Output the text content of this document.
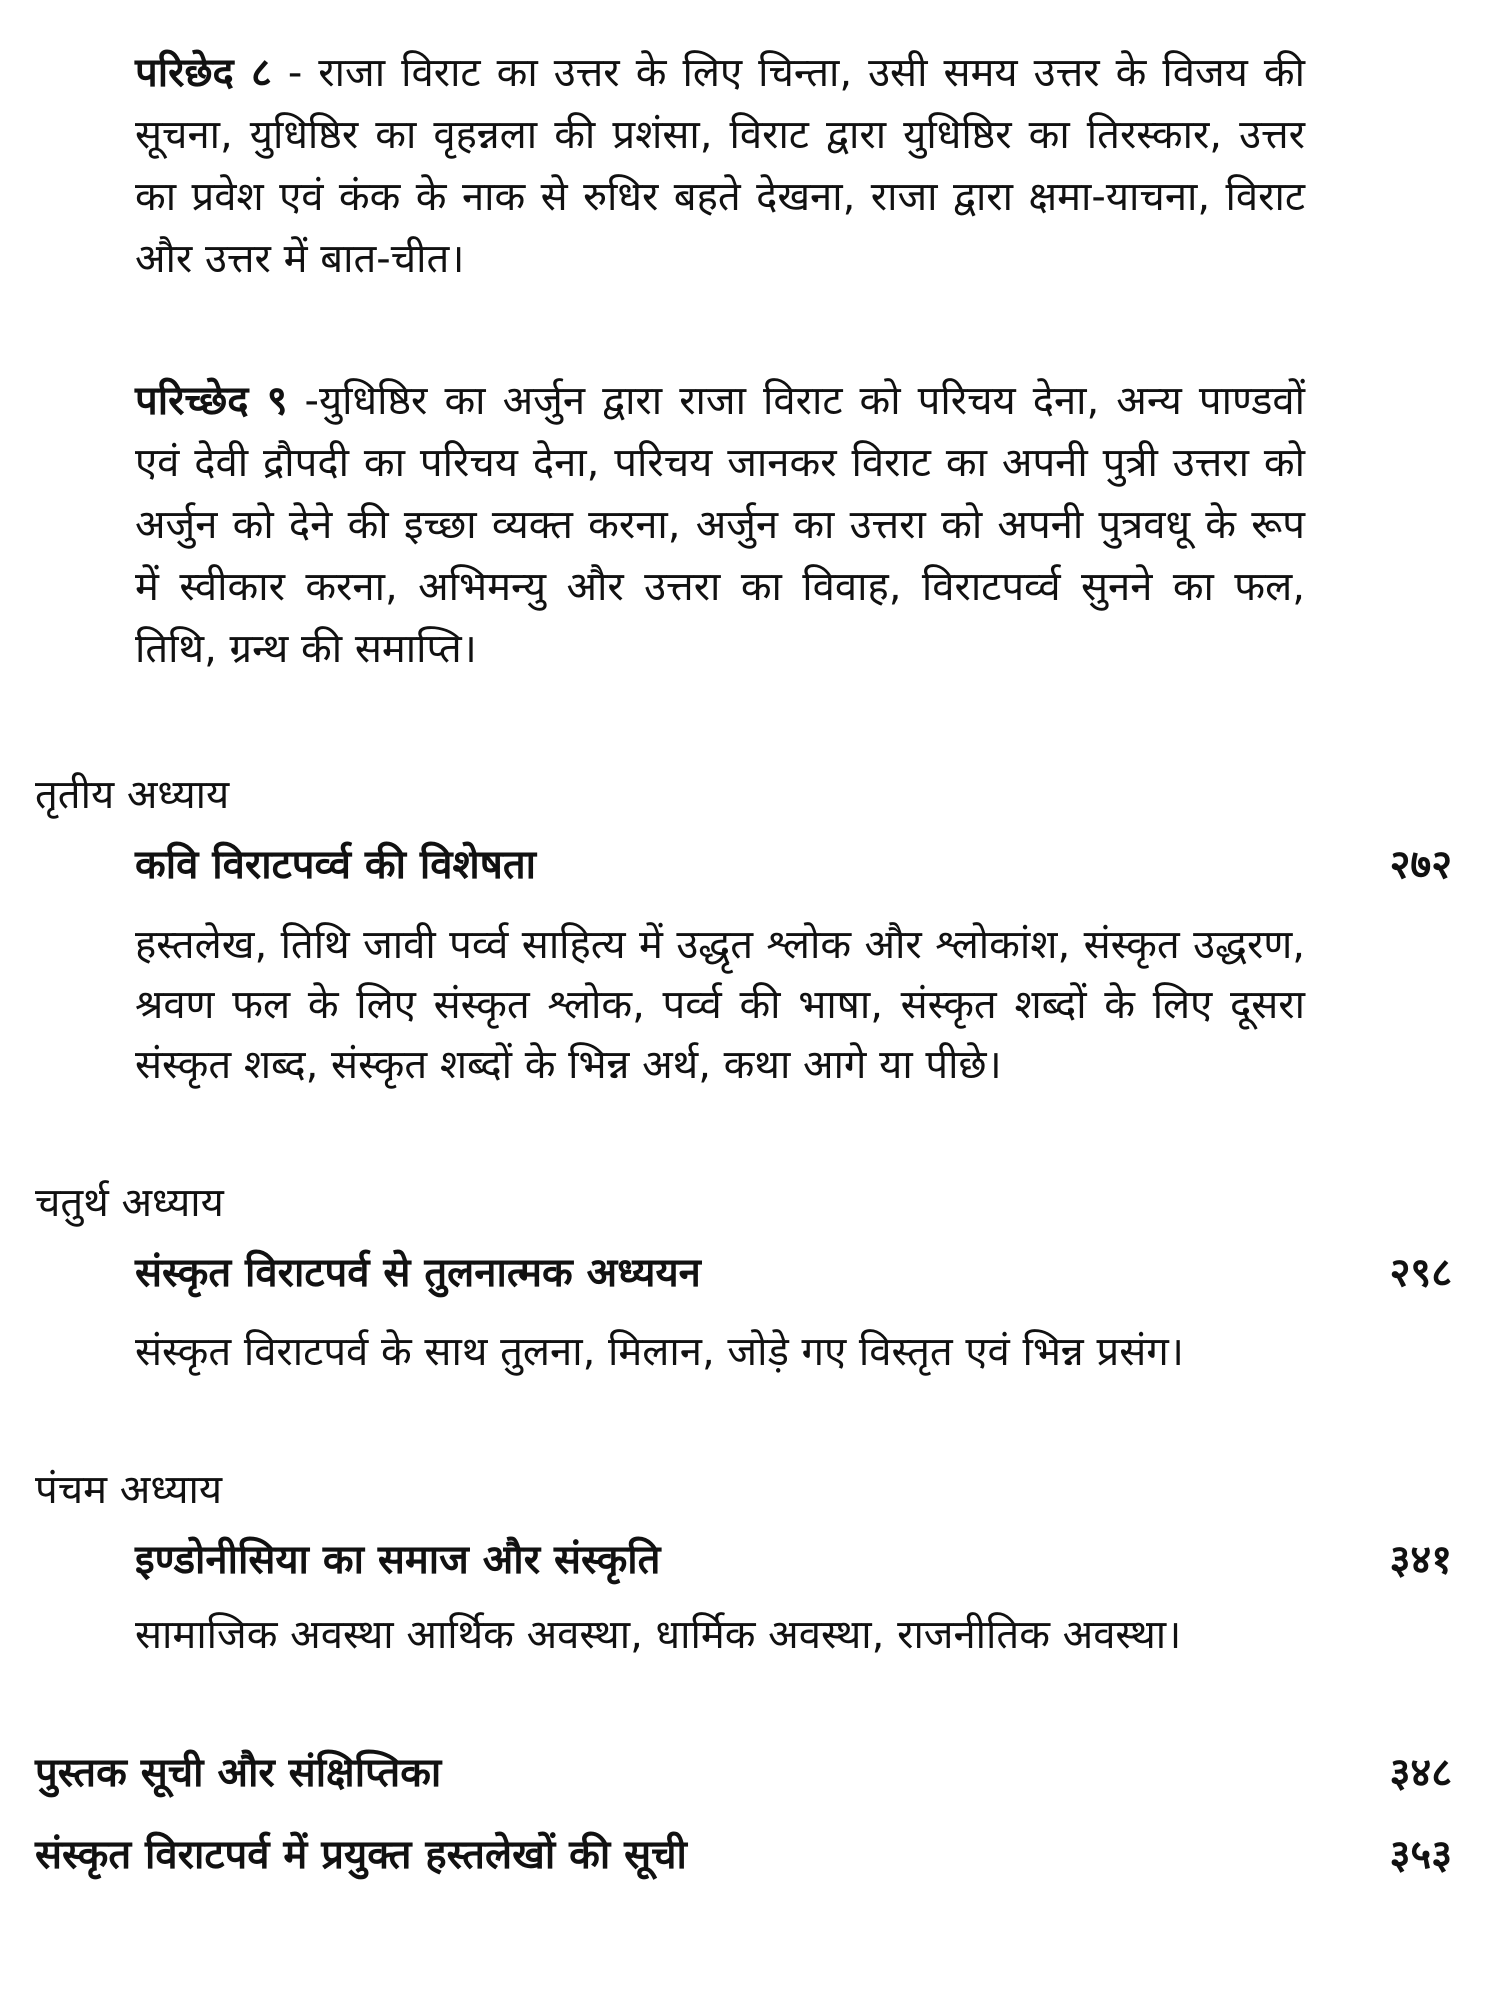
परिछेद ८ - राजा विराट का उत्तर के लिए चिन्ता, उसी समय उत्तर के विजय की सूचना, युधिष्ठिर का वृहन्नला की प्रशंसा, विराट द्वारा युधिष्ठिर का तिरस्कार, उत्तर का प्रवेश एवं कंक के नाक से रुधिर बहते देखना, राजा द्वारा क्षमा-याचना, विराट और उत्तर में बात-चीत।

परिच्छेद ९ -युधिष्ठिर का अर्जुन द्वारा राजा विराट को परिचय देना, अन्य पाण्डवों एवं देवी द्रौपदी का परिचय देना, परिचय जानकर विराट का अपनी पुत्री उत्तरा को अर्जुन को देने की इच्छा व्यक्त करना, अर्जुन का उत्तरा को अपनी पुत्रवधू के रूप में स्वीकार करना, अभिमन्यु और उत्तरा का विवाह, विराटपर्व्व सुनने का फल, तिथि, ग्रन्थ की समाप्ति।

तृतीय अध्याय
कवि विराटपर्व्व की विशेषता	२७२

हस्तलेख, तिथि जावी पर्व्व साहित्य में उद्धृत श्लोक और श्लोकांश, संस्कृत उद्धरण, श्रवण फल के लिए संस्कृत श्लोक, पर्व्व की भाषा, संस्कृत शब्दों के लिए दूसरा संस्कृत शब्द, संस्कृत शब्दों के भिन्न अर्थ, कथा आगे या पीछे।

चतुर्थ अध्याय
संस्कृत विराटपर्व से तुलनात्मक अध्ययन	२९८

संस्कृत विराटपर्व के साथ तुलना, मिलान, जोड़े गए विस्तृत एवं भिन्न प्रसंग।

पंचम अध्याय
इण्डोनीसिया का समाज और संस्कृति	३४१

सामाजिक अवस्था आर्थिक अवस्था, धार्मिक अवस्था, राजनीतिक अवस्था।

पुस्तक सूची और संक्षिप्तिका	३४८
संस्कृत विराटपर्व में प्रयुक्त हस्तलेखों की सूची	३५३
